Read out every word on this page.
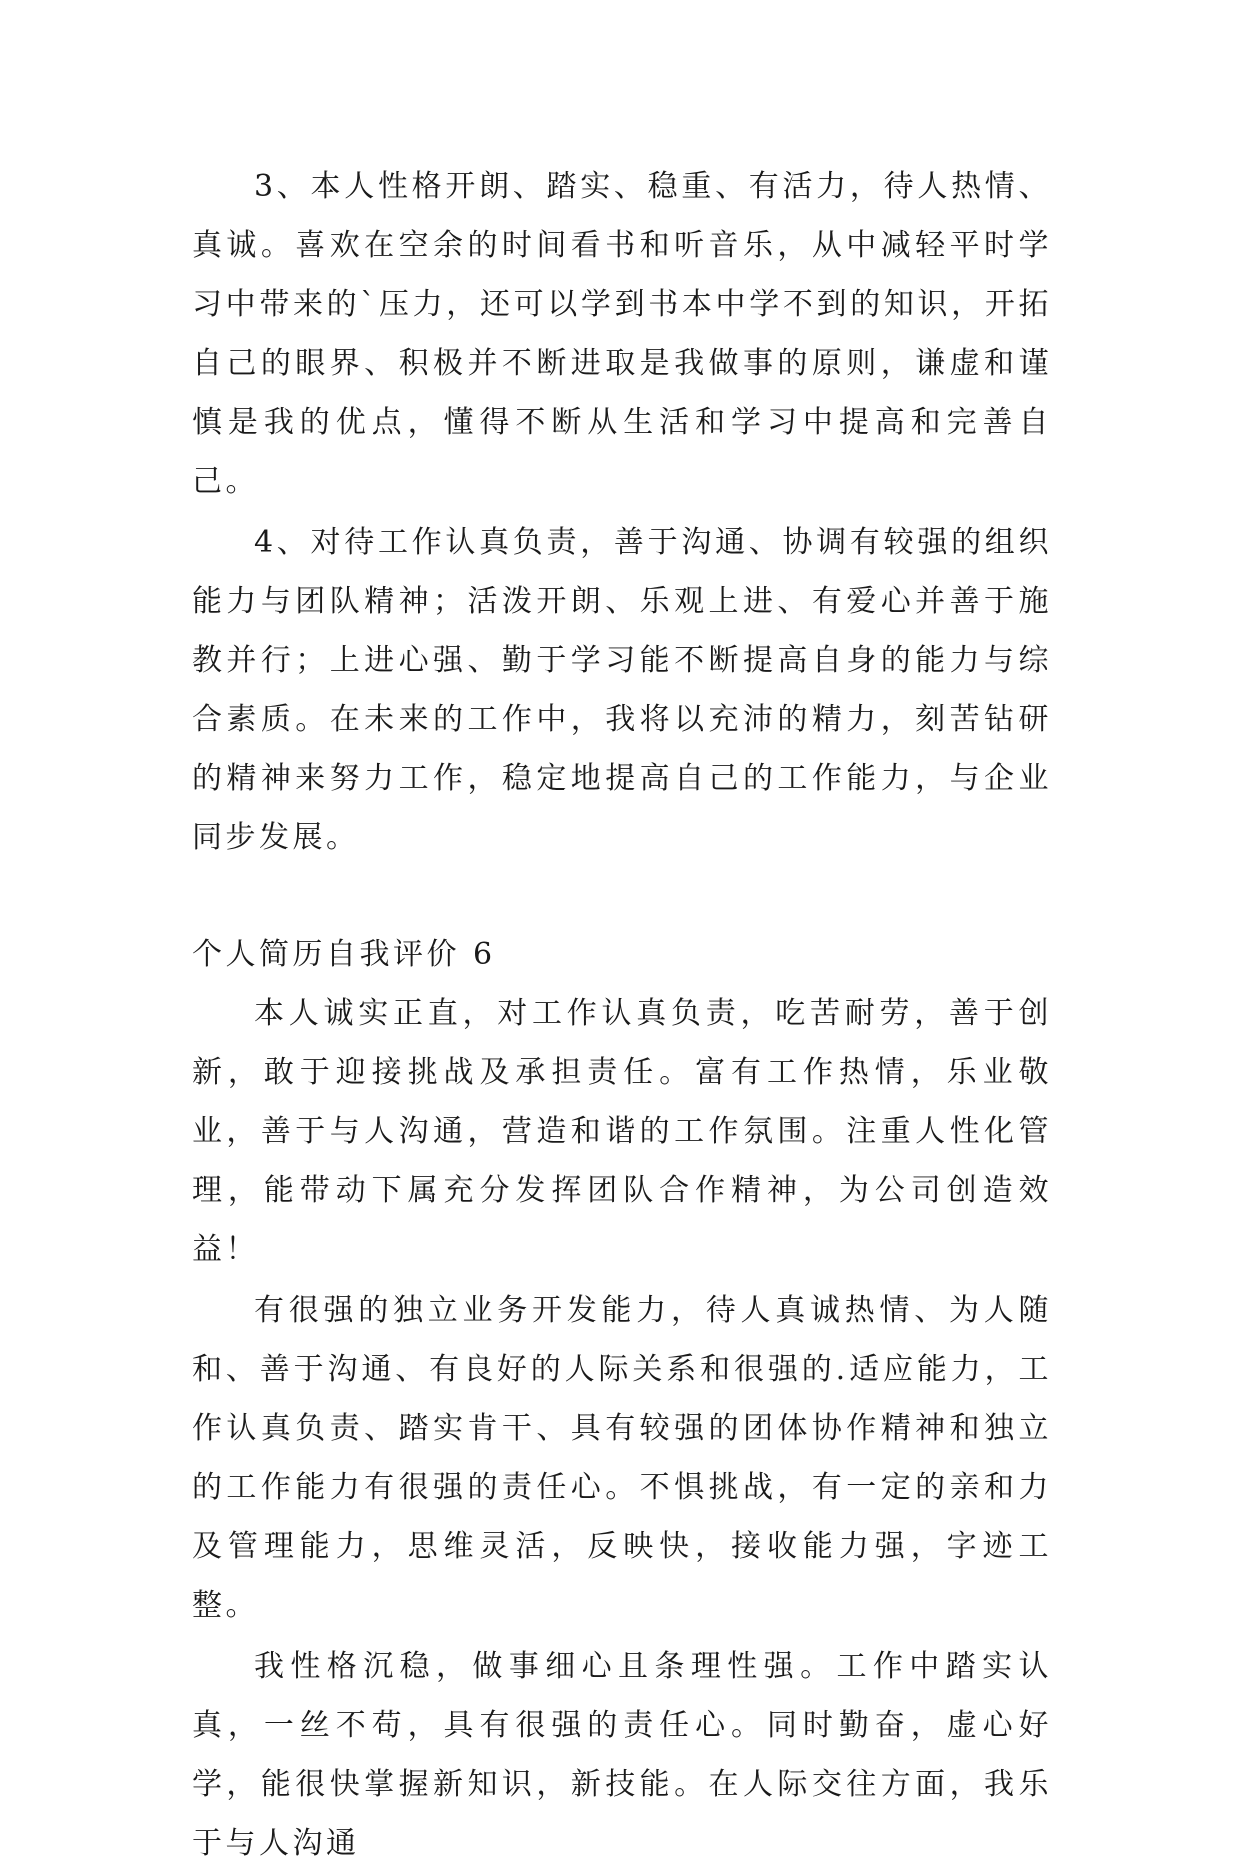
3、本人性格开朗、踏实、稳重、有活力，待人热情、真诚。喜欢在空余的时间看书和听音乐，从中减轻平时学习中带来的`压力，还可以学到书本中学不到的知识，开拓自己的眼界、积极并不断进取是我做事的原则，谦虚和谨慎是我的优点，懂得不断从生活和学习中提高和完善自己。

4、对待工作认真负责，善于沟通、协调有较强的组织能力与团队精神；活泼开朗、乐观上进、有爱心并善于施教并行；上进心强、勤于学习能不断提高自身的能力与综合素质。在未来的工作中，我将以充沛的精力，刻苦钻研的精神来努力工作，稳定地提高自己的工作能力，与企业同步发展。

个人简历自我评价 6

本人诚实正直，对工作认真负责，吃苦耐劳，善于创新，敢于迎接挑战及承担责任。富有工作热情，乐业敬业，善于与人沟通，营造和谐的工作氛围。注重人性化管理，能带动下属充分发挥团队合作精神，为公司创造效益！

有很强的独立业务开发能力，待人真诚热情、为人随和、善于沟通、有良好的人际关系和很强的.适应能力，工作认真负责、踏实肯干、具有较强的团体协作精神和独立的工作能力有很强的责任心。不惧挑战，有一定的亲和力及管理能力，思维灵活，反映快，接收能力强，字迹工整。

我性格沉稳，做事细心且条理性强。工作中踏实认真，一丝不苟，具有很强的责任心。同时勤奋，虚心好学，能很快掌握新知识，新技能。在人际交往方面，我乐于与人沟通
